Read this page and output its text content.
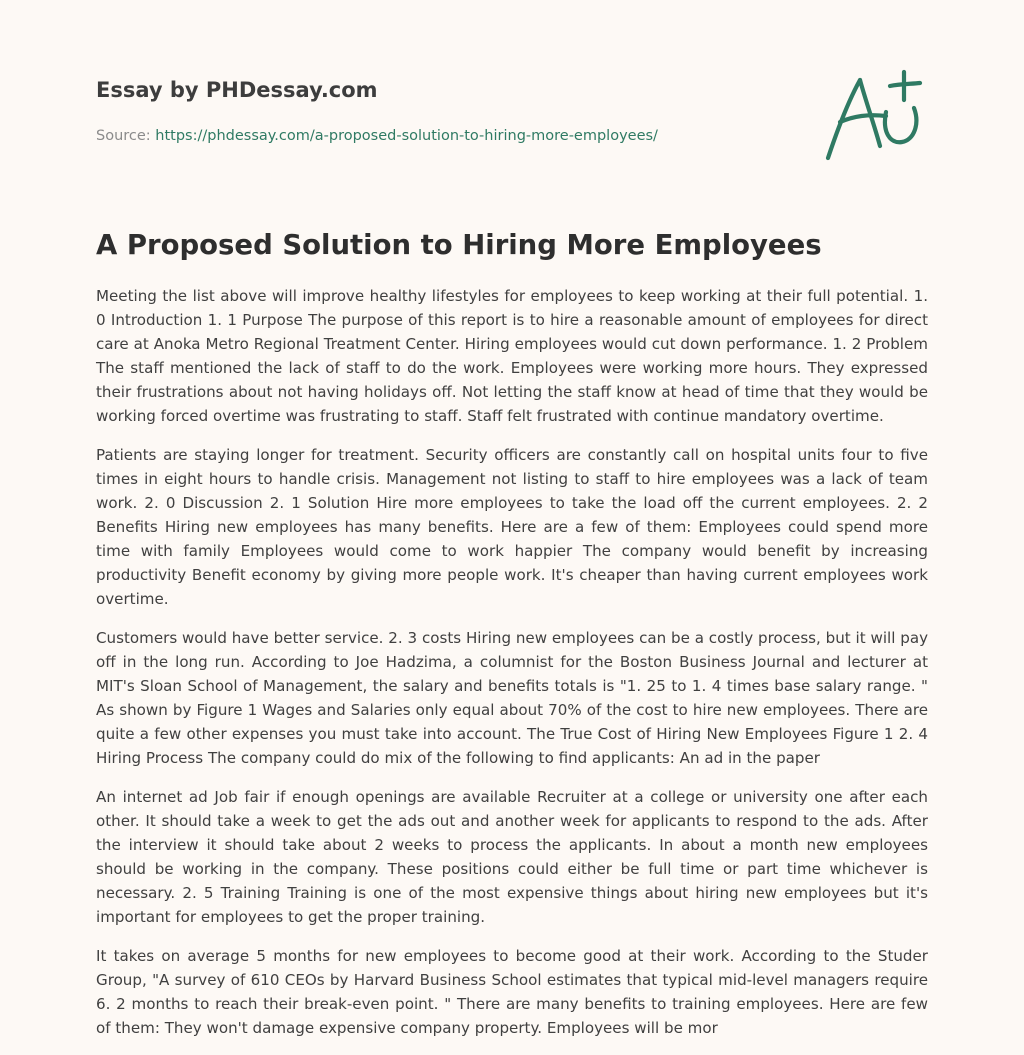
Essay by PHDessay.com
Source: https://phdessay.com/a-proposed-solution-to-hiring-more-employees/
A Proposed Solution to Hiring More Employees

Meeting the list above will improve healthy lifestyles for employees to keep working at their full potential. 1. 0 Introduction 1. 1 Purpose The purpose of this report is to hire a reasonable amount of employees for direct care at Anoka Metro Regional Treatment Center. Hiring employees would cut down performance. 1. 2 Problem The staff mentioned the lack of staff to do the work. Employees were working more hours. They expressed their frustrations about not having holidays off. Not letting the staff know at head of time that they would be working forced overtime was frustrating to staff. Staff felt frustrated with continue mandatory overtime.

Patients are staying longer for treatment. Security officers are constantly call on hospital units four to five times in eight hours to handle crisis. Management not listing to staff to hire employees was a lack of team work. 2. 0 Discussion 2. 1 Solution Hire more employees to take the load off the current employees. 2. 2 Benefits Hiring new employees has many benefits. Here are a few of them: Employees could spend more time with family Employees would come to work happier The company would benefit by increasing productivity Benefit economy by giving more people work. It's cheaper than having current employees work overtime.

Customers would have better service. 2. 3 costs Hiring new employees can be a costly process, but it will pay off in the long run. According to Joe Hadzima, a columnist for the Boston Business Journal and lecturer at MIT's Sloan School of Management, the salary and benefits totals is "1. 25 to 1. 4 times base salary range. " As shown by Figure 1 Wages and Salaries only equal about 70% of the cost to hire new employees. There are quite a few other expenses you must take into account. The True Cost of Hiring New Employees Figure 1 2. 4 Hiring Process The company could do mix of the following to find applicants: An ad in the paper

An internet ad Job fair if enough openings are available Recruiter at a college or university one after each other. It should take a week to get the ads out and another week for applicants to respond to the ads. After the interview it should take about 2 weeks to process the applicants. In about a month new employees should be working in the company. These positions could either be full time or part time whichever is necessary. 2. 5 Training Training is one of the most expensive things about hiring new employees but it's important for employees to get the proper training.

It takes on average 5 months for new employees to become good at their work. According to the Studer Group, "A survey of 610 CEOs by Harvard Business School estimates that typical mid-level managers require 6. 2 months to reach their break-even point. " There are many benefits to training employees. Here are few of them: They won't damage expensive company property. Employees will be mor
